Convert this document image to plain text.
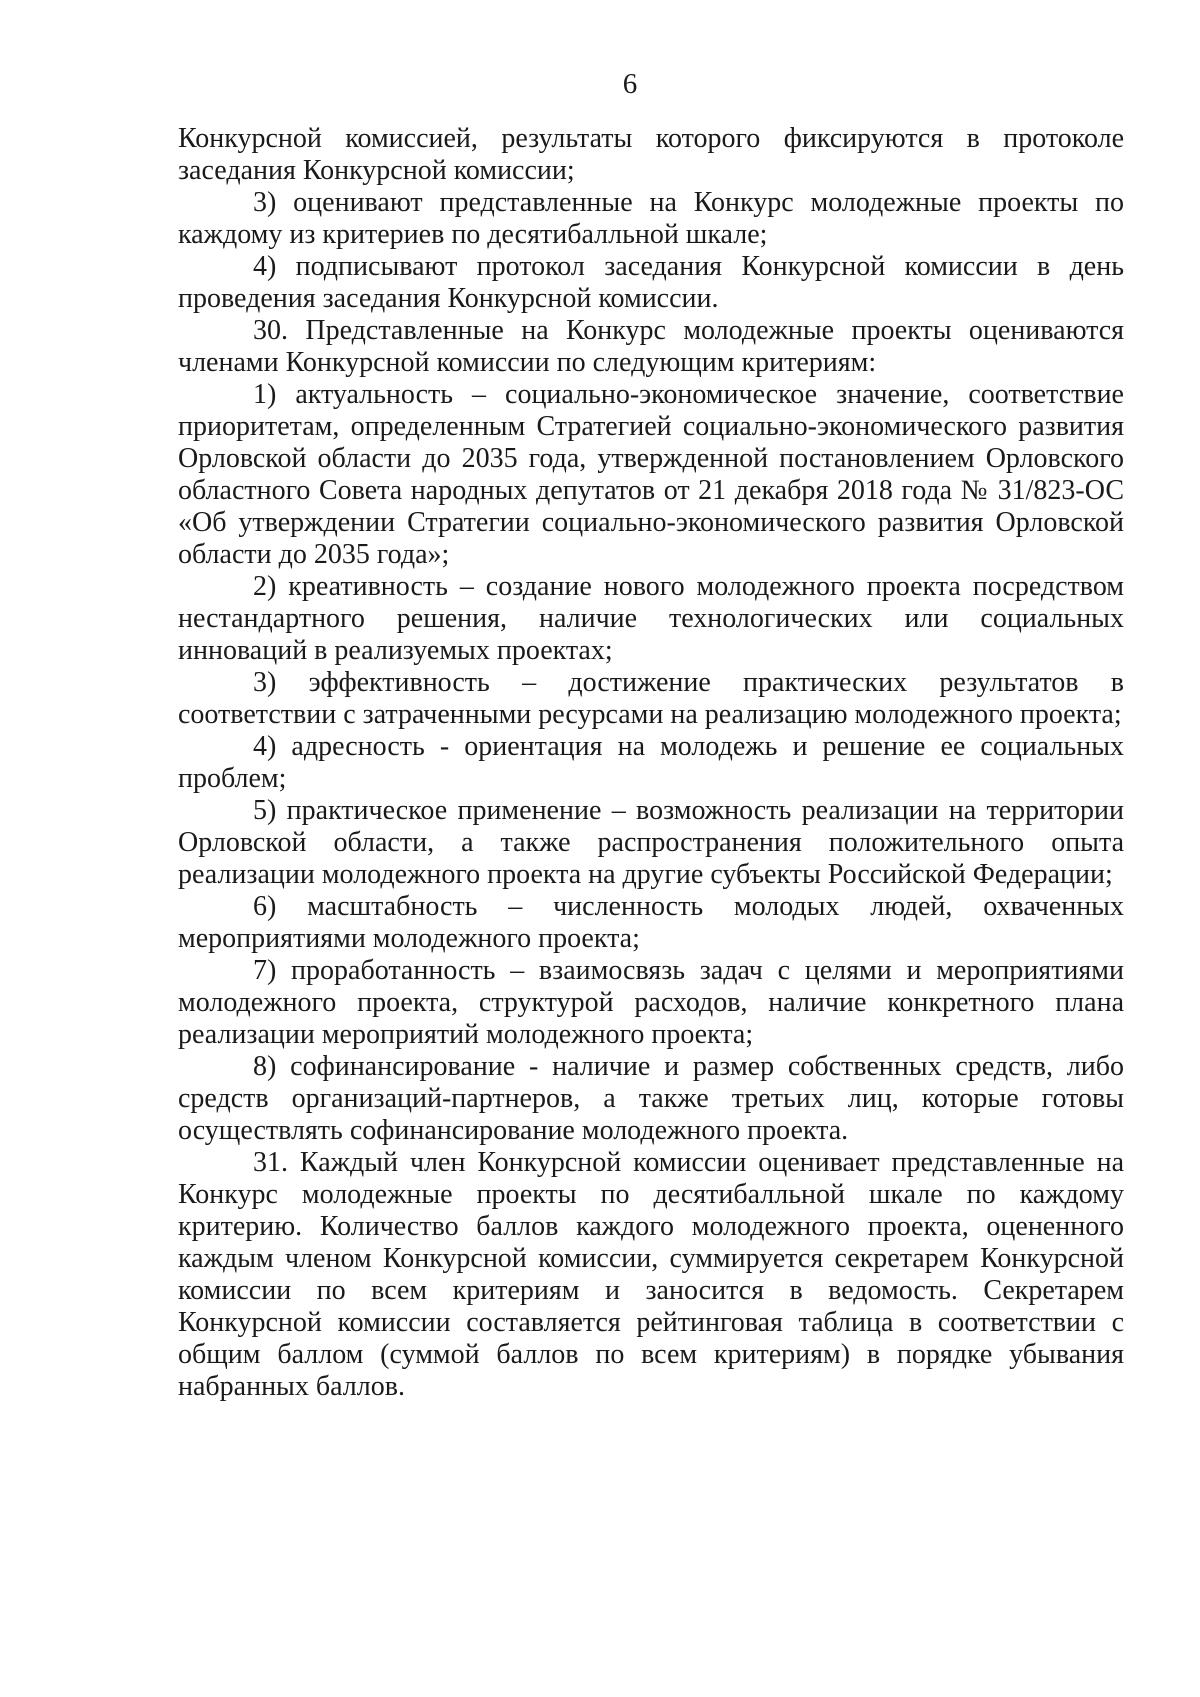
6

Конкурсной комиссией, результаты которого фиксируются в протоколе заседания Конкурсной комиссии;

3) оценивают представленные на Конкурс молодежные проекты по каждому из критериев по десятибалльной шкале;

4) подписывают протокол заседания Конкурсной комиссии в день проведения заседания Конкурсной комиссии.

30. Представленные на Конкурс молодежные проекты оцениваются членами Конкурсной комиссии по следующим критериям:

1) актуальность – социально-экономическое значение, соответствие приоритетам, определенным Стратегией социально-экономического развития Орловской области до 2035 года, утвержденной постановлением Орловского областного Совета народных депутатов от 21 декабря 2018 года № 31/823-ОС «Об утверждении Стратегии социально-экономического развития Орловской области до 2035 года»;

2) креативность – создание нового молодежного проекта посредством нестандартного решения, наличие технологических или социальных инноваций в реализуемых проектах;

3) эффективность – достижение практических результатов в соответствии с затраченными ресурсами на реализацию молодежного проекта;

4) адресность - ориентация на молодежь и решение ее социальных проблем;

5) практическое применение – возможность реализации на территории Орловской области, а также распространения положительного опыта реализации молодежного проекта на другие субъекты Российской Федерации;

6) масштабность – численность молодых людей, охваченных мероприятиями молодежного проекта;

7) проработанность – взаимосвязь задач с целями и мероприятиями молодежного проекта, структурой расходов, наличие конкретного плана реализации мероприятий молодежного проекта;

8) софинансирование - наличие и размер собственных средств, либо средств организаций-партнеров, а также третьих лиц, которые готовы осуществлять софинансирование молодежного проекта.

31. Каждый член Конкурсной комиссии оценивает представленные на Конкурс молодежные проекты по десятибалльной шкале по каждому критерию. Количество баллов каждого молодежного проекта, оцененного каждым членом Конкурсной комиссии, суммируется секретарем Конкурсной комиссии по всем критериям и заносится в ведомость. Секретарем Конкурсной комиссии составляется рейтинговая таблица в соответствии с общим баллом (суммой баллов по всем критериям) в порядке убывания набранных баллов.
